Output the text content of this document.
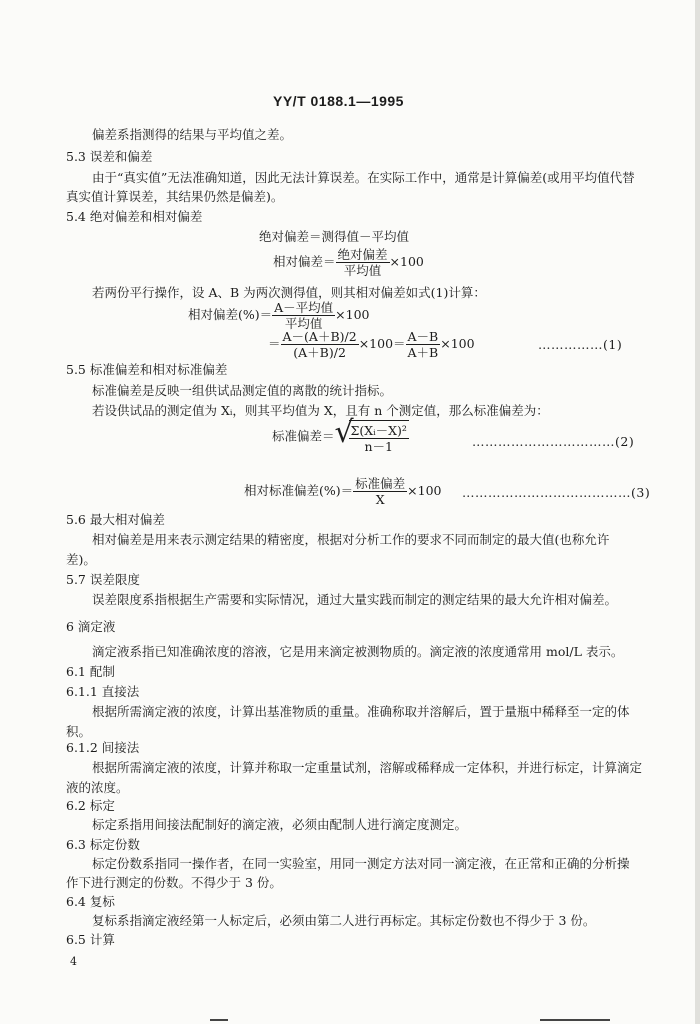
YY/T 0188.1—1995
偏差系指测得的结果与平均值之差。
5.3 误差和偏差
由于“真实值”无法准确知道，因此无法计算误差。在实际工作中，通常是计算偏差(或用平均值代替
真实值计算误差，其结果仍然是偏差)。
5.4 绝对偏差和相对偏差
绝对偏差＝测得值－平均值
相对偏差＝ $\frac{\text{绝对偏差}}{\text{平均值}} \times 100$
若两份平行操作，设 A、B 为两次测得值，则其相对偏差如式(1)计算：
相对偏差(%)＝ $\frac{\text{A－平均值}}{\text{平均值}} \times 100$
＝ $\frac{A-(A+B)/2}{(A+B)/2} \times 100= \frac{A-B}{A+B} \times 100$	……………(1)
5.5 标准偏差和相对标准偏差
标准偏差是反映一组供试品测定值的离散的统计指标。
若设供试品的测定值为 Xᵢ，则其平均值为 X，且有 n 个测定值，那么标准偏差为：
标准偏差＝ √
$\frac{\text{Σ(Xᵢ－X)²}}{n-1}$	……………………………(2)
相对标准偏差(%)＝ $\frac{\text{标准偏差}}{X} \times 100$ …………………………………(3)
5.6 最大相对偏差
相对偏差是用来表示测定结果的精密度，根据对分析工作的要求不同而制定的最大值(也称允许
差)。
5.7 误差限度
误差限度系指根据生产需要和实际情况，通过大量实践而制定的测定结果的最大允许相对偏差。
6 滴定液
滴定液系指已知准确浓度的溶液，它是用来滴定被测物质的。滴定液的浓度通常用 mol/L 表示。
6.1 配制
6.1.1 直接法
根据所需滴定液的浓度，计算出基准物质的重量。准确称取并溶解后，置于量瓶中稀释至一定的体
积。
6.1.2 间接法
根据所需滴定液的浓度，计算并称取一定重量试剂，溶解或稀释成一定体积，并进行标定，计算滴定
液的浓度。
6.2 标定
标定系指用间接法配制好的滴定液，必须由配制人进行滴定度测定。
6.3 标定份数
标定份数系指同一操作者，在同一实验室，用同一测定方法对同一滴定液，在正常和正确的分析操
作下进行测定的份数。不得少于 3 份。
6.4 复标
复标系指滴定液经第一人标定后，必须由第二人进行再标定。其标定份数也不得少于 3 份。
6.5 计算
4
